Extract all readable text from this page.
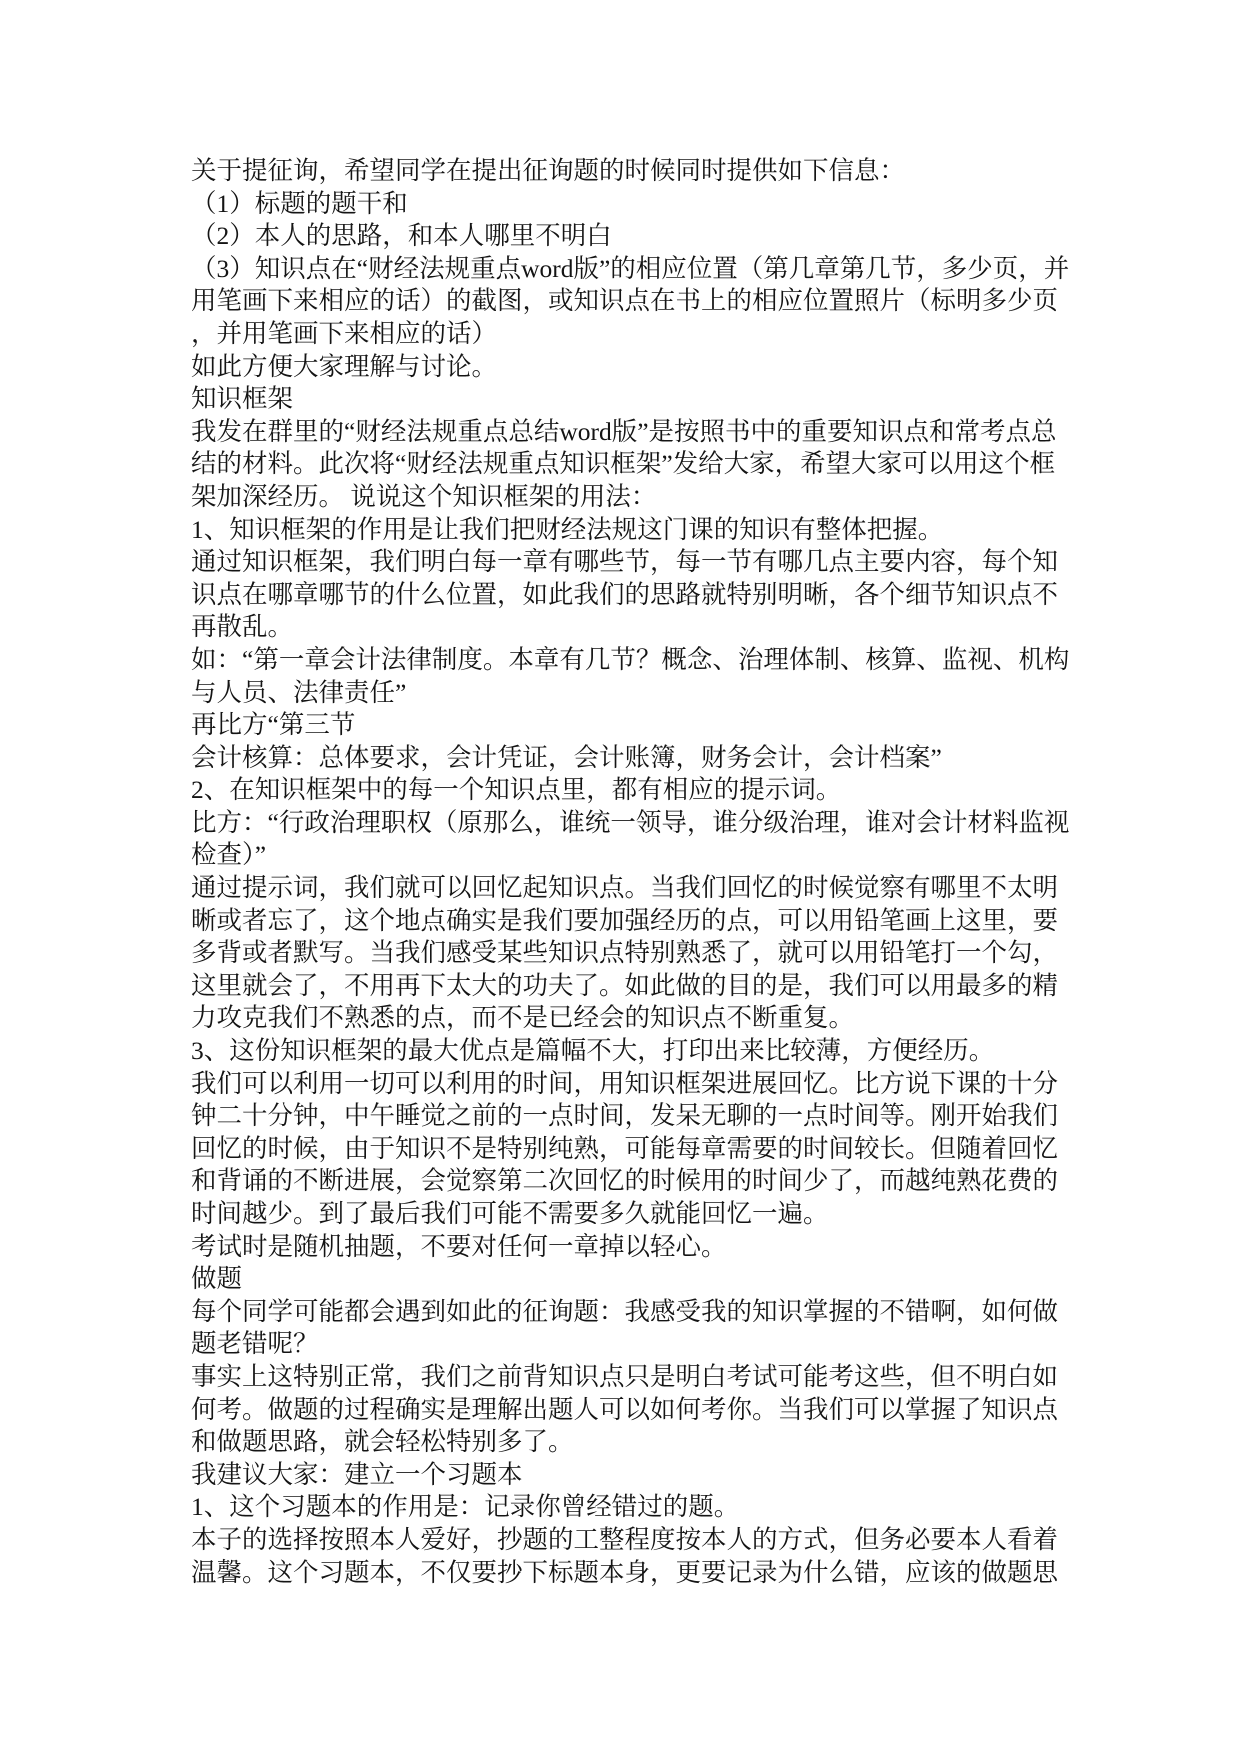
关于提征询，希望同学在提出征询题的时候同时提供如下信息：
（1）标题的题干和
（2）本人的思路，和本人哪里不明白
（3）知识点在“财经法规重点word版”的相应位置（第几章第几节，多少页，并
用笔画下来相应的话）的截图，或知识点在书上的相应位置照片（标明多少页
，并用笔画下来相应的话）
如此方便大家理解与讨论。
知识框架
我发在群里的“财经法规重点总结word版”是按照书中的重要知识点和常考点总
结的材料。此次将“财经法规重点知识框架”发给大家，希望大家可以用这个框
架加深经历。 说说这个知识框架的用法：
1、知识框架的作用是让我们把财经法规这门课的知识有整体把握。
通过知识框架，我们明白每一章有哪些节，每一节有哪几点主要内容，每个知
识点在哪章哪节的什么位置，如此我们的思路就特别明晰，各个细节知识点不
再散乱。
如：“第一章会计法律制度。本章有几节？概念、治理体制、核算、监视、机构
与人员、法律责任”
再比方“第三节
会计核算：总体要求，会计凭证，会计账簿，财务会计，会计档案”
2、在知识框架中的每一个知识点里，都有相应的提示词。
比方：“行政治理职权（原那么，谁统一领导，谁分级治理，谁对会计材料监视
检查）”
通过提示词，我们就可以回忆起知识点。当我们回忆的时候觉察有哪里不太明
晰或者忘了，这个地点确实是我们要加强经历的点，可以用铅笔画上这里，要
多背或者默写。当我们感受某些知识点特别熟悉了，就可以用铅笔打一个勾，
这里就会了，不用再下太大的功夫了。如此做的目的是，我们可以用最多的精
力攻克我们不熟悉的点，而不是已经会的知识点不断重复。
3、这份知识框架的最大优点是篇幅不大，打印出来比较薄，方便经历。
我们可以利用一切可以利用的时间，用知识框架进展回忆。比方说下课的十分
钟二十分钟，中午睡觉之前的一点时间，发呆无聊的一点时间等。刚开始我们
回忆的时候，由于知识不是特别纯熟，可能每章需要的时间较长。但随着回忆
和背诵的不断进展，会觉察第二次回忆的时候用的时间少了，而越纯熟花费的
时间越少。到了最后我们可能不需要多久就能回忆一遍。
考试时是随机抽题，不要对任何一章掉以轻心。
做题
每个同学可能都会遇到如此的征询题：我感受我的知识掌握的不错啊，如何做
题老错呢？
事实上这特别正常，我们之前背知识点只是明白考试可能考这些，但不明白如
何考。做题的过程确实是理解出题人可以如何考你。当我们可以掌握了知识点
和做题思路，就会轻松特别多了。
我建议大家：建立一个习题本
1、这个习题本的作用是：记录你曾经错过的题。
本子的选择按照本人爱好，抄题的工整程度按本人的方式，但务必要本人看着
温馨。这个习题本，不仅要抄下标题本身，更要记录为什么错，应该的做题思
